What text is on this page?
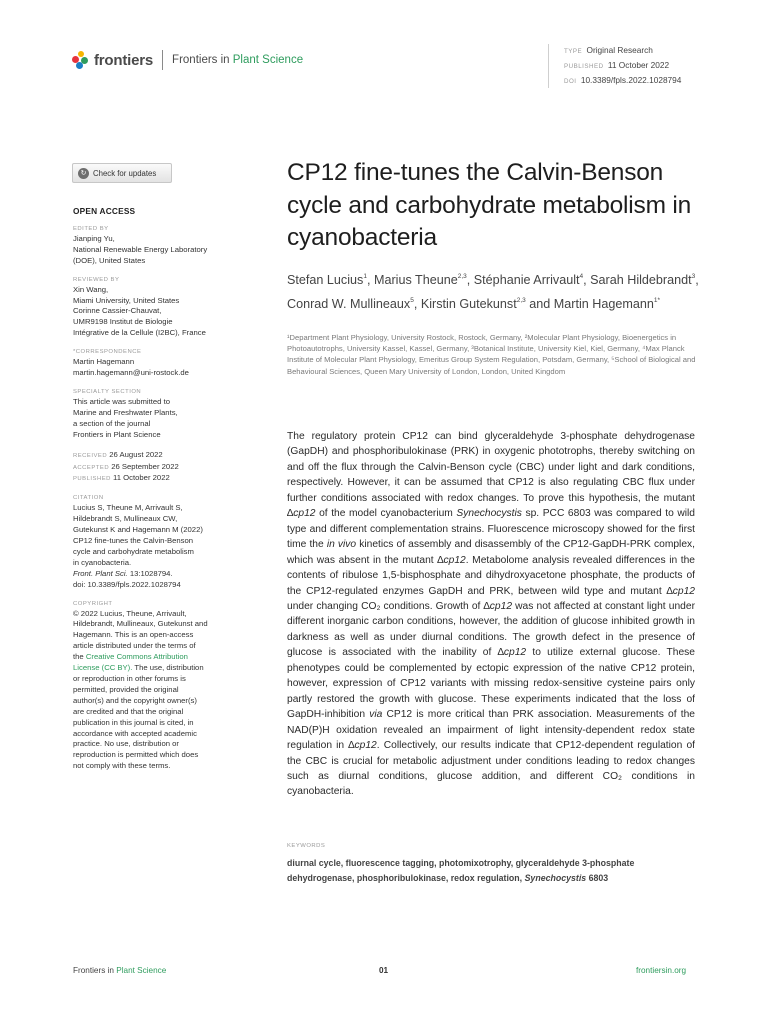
frontiers Frontiers in Plant Science
TYPE Original Research
PUBLISHED 11 October 2022
DOI 10.3389/fpls.2022.1028794
↻ Check for updates
OPEN ACCESS
EDITED BY
Jianping Yu,
National Renewable Energy Laboratory
(DOE), United States
REVIEWED BY
Xin Wang,
Miami University, United States
Corinne Cassier-Chauvat,
UMR9198 Institut de Biologie
Intégrative de la Cellule (I2BC), France
*CORRESPONDENCE
Martin Hagemann
martin.hagemann@uni-rostock.de
SPECIALTY SECTION
This article was submitted to
Marine and Freshwater Plants,
a section of the journal
Frontiers in Plant Science
RECEIVED 26 August 2022
ACCEPTED 26 September 2022
PUBLISHED 11 October 2022
CITATION
Lucius S, Theune M, Arrivault S,
Hildebrandt S, Mullineaux CW,
Gutekunst K and Hagemann M (2022)
CP12 fine-tunes the Calvin-Benson
cycle and carbohydrate metabolism
in cyanobacteria.
Front. Plant Sci. 13:1028794.
doi: 10.3389/fpls.2022.1028794
COPYRIGHT
© 2022 Lucius, Theune, Arrivault,
Hildebrandt, Mullineaux, Gutekunst and
Hagemann. This is an open-access
article distributed under the terms of
the Creative Commons Attribution
License (CC BY). The use, distribution
or reproduction in other forums is
permitted, provided the original
author(s) and the copyright owner(s)
are credited and that the original
publication in this journal is cited, in
accordance with accepted academic
practice. No use, distribution or
reproduction is permitted which does
not comply with these terms.
CP12 fine-tunes the Calvin-Benson cycle and carbohydrate metabolism in cyanobacteria
Stefan Lucius$^1$, Marius Theune$^{2,3}$, Stéphanie Arrivault$^4$, Sarah Hildebrandt$^3$, Conrad W. Mullineaux$^5$, Kirstin Gutekunst$^{2,3}$ and Martin Hagemann$^{1*}$
¹Department Plant Physiology, University Rostock, Rostock, Germany, ²Molecular Plant Physiology, Bioenergetics in Photoautotrophs, University Kassel, Kassel, Germany, ³Botanical Institute, University Kiel, Kiel, Germany, ⁴Max Planck Institute of Molecular Plant Physiology, Emeritus Group System Regulation, Potsdam, Germany, ⁵School of Biological and Behavioural Sciences, Queen Mary University of London, London, United Kingdom
The regulatory protein CP12 can bind glyceraldehyde 3-phosphate dehydrogenase (GapDH) and phosphoribulokinase (PRK) in oxygenic phototrophs, thereby switching on and off the flux through the Calvin-Benson cycle (CBC) under light and dark conditions, respectively. However, it can be assumed that CP12 is also regulating CBC flux under further conditions associated with redox changes. To prove this hypothesis, the mutant ∆cp12 of the model cyanobacterium Synechocystis sp. PCC 6803 was compared to wild type and different complementation strains. Fluorescence microscopy showed for the first time the in vivo kinetics of assembly and disassembly of the CP12-GapDH-PRK complex, which was absent in the mutant ∆cp12. Metabolome analysis revealed differences in the contents of ribulose 1,5-bisphosphate and dihydroxyacetone phosphate, the products of the CP12-regulated enzymes GapDH and PRK, between wild type and mutant ∆cp12 under changing CO₂ conditions. Growth of ∆cp12 was not affected at constant light under different inorganic carbon conditions, however, the addition of glucose inhibited growth in darkness as well as under diurnal conditions. The growth defect in the presence of glucose is associated with the inability of ∆cp12 to utilize external glucose. These phenotypes could be complemented by ectopic expression of the native CP12 protein, however, expression of CP12 variants with missing redox-sensitive cysteine pairs only partly restored the growth with glucose. These experiments indicated that the loss of GapDH-inhibition via CP12 is more critical than PRK association. Measurements of the NAD(P)H oxidation revealed an impairment of light intensity-dependent redox state regulation in ∆cp12. Collectively, our results indicate that CP12-dependent regulation of the CBC is crucial for metabolic adjustment under conditions leading to redox changes such as diurnal conditions, glucose addition, and different CO₂ conditions in cyanobacteria.
KEYWORDS
diurnal cycle, fluorescence tagging, photomixotrophy, glyceraldehyde 3-phosphate dehydrogenase, phosphoribulokinase, redox regulation, Synechocystis 6803
Frontiers in Plant Science	01	frontiersin.org
